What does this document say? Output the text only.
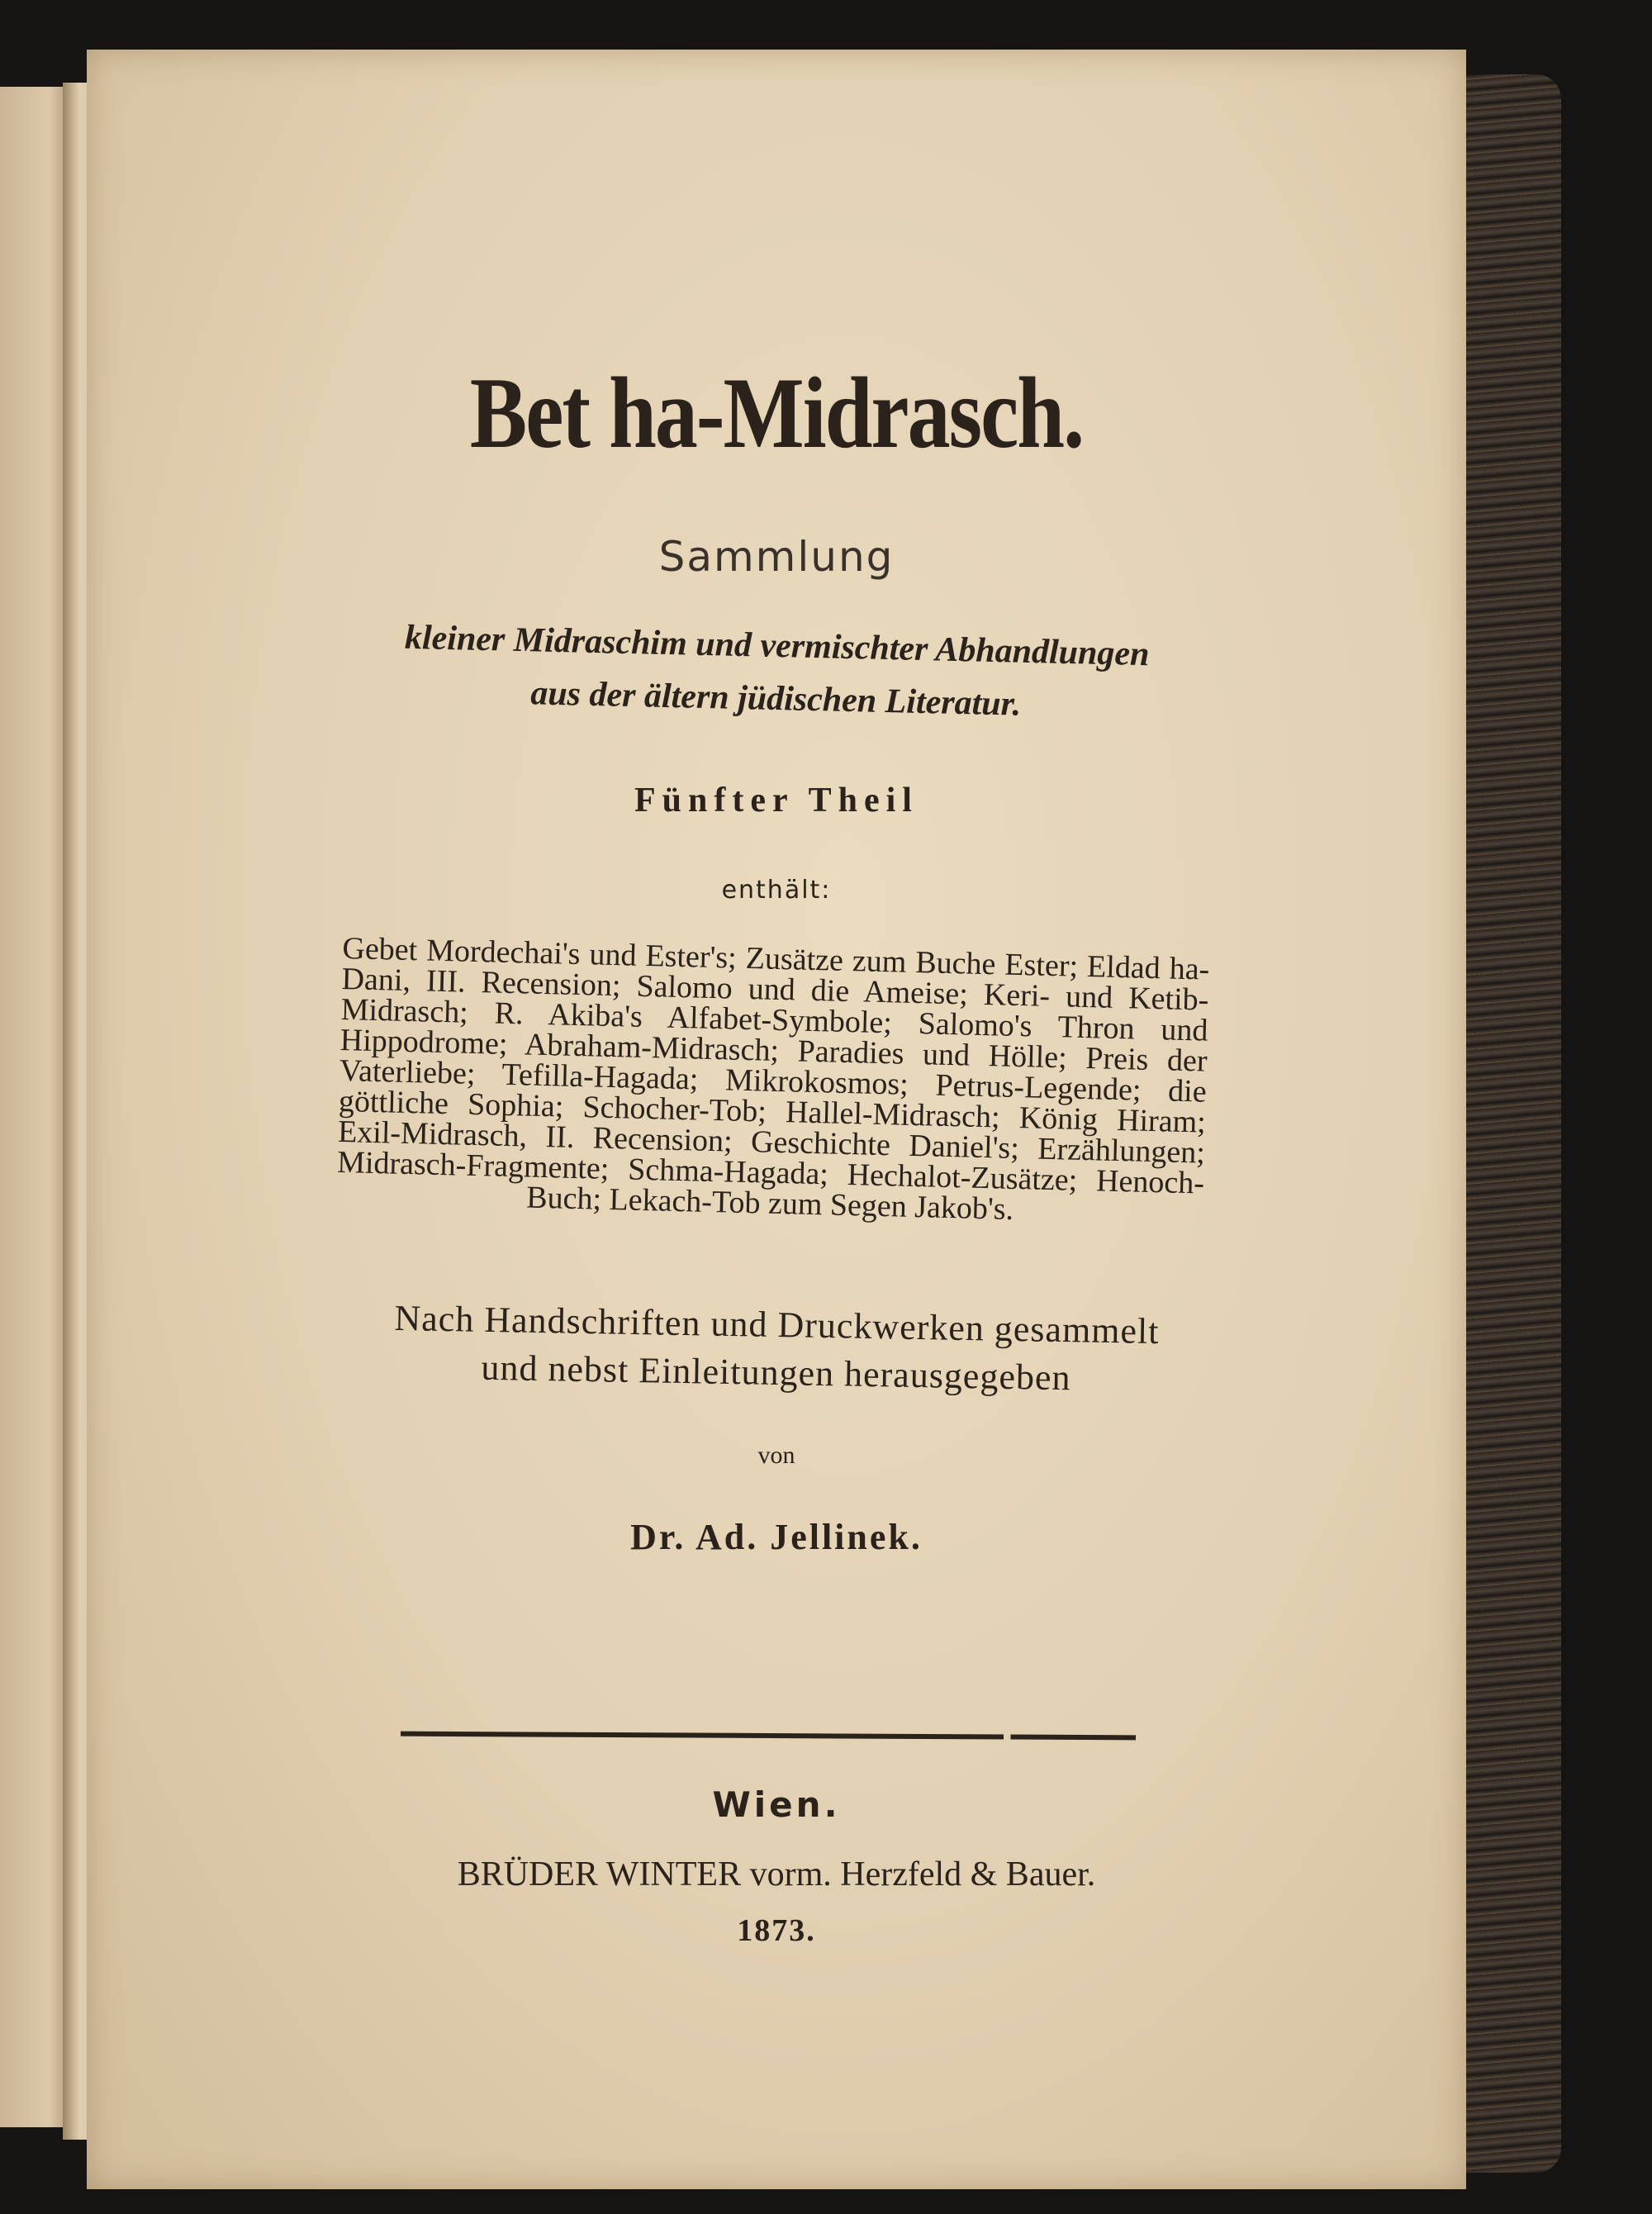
Bet ha-Midrasch.
Sammlung
kleiner Midraschim und vermischter Abhandlungen
aus der ältern jüdischen Literatur.
Fünfter Theil
enthält:
Gebet Mordechai's und Ester's; Zusätze zum Buche Ester; Eldad ha-Dani, III. Recension; Salomo und die Ameise; Keri- und Ketib-Midrasch; R. Akiba's Alfabet-Symbole; Salomo's Thron und Hippodrome; Abraham-Midrasch; Paradies und Hölle; Preis der Vaterliebe; Tefilla-Hagada; Mikrokosmos; Petrus-Legende; die göttliche Sophia; Schocher-Tob; Hallel-Midrasch; König Hiram; Exil-Midrasch, II. Recension; Geschichte Daniel's; Erzählungen; Midrasch-Fragmente; Schma-Hagada; Hechalot-Zusätze; Henoch-Buch; Lekach-Tob zum Segen Jakob's.
Nach Handschriften und Druckwerken gesammelt
und nebst Einleitungen herausgegeben
von
Dr. Ad. Jellinek.
Wien.
BRÜDER WINTER vorm. Herzfeld & Bauer.
1873.
